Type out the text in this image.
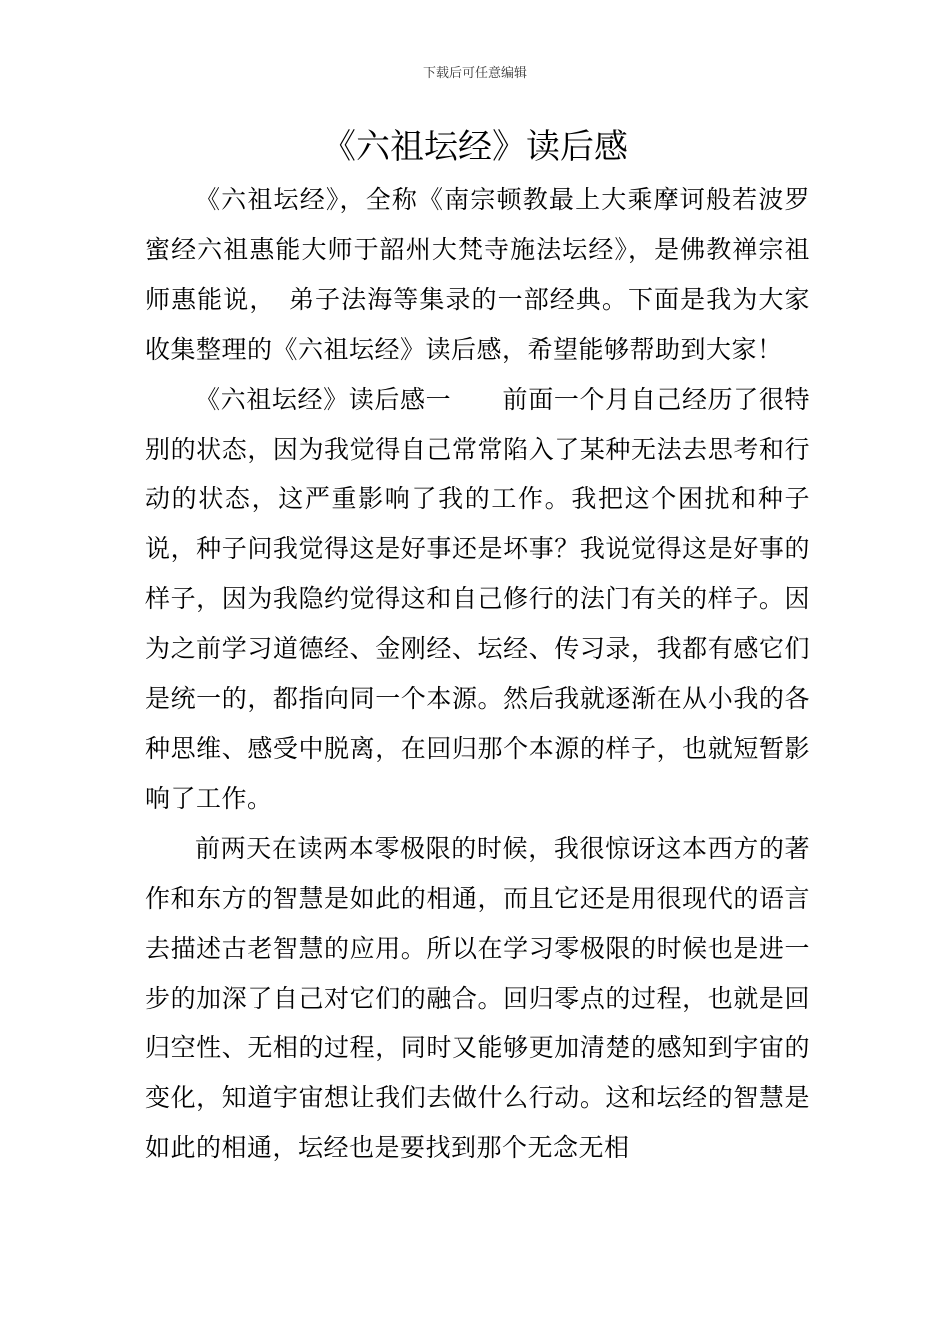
下载后可任意编辑
《六祖坛经》读后感

《六祖坛经》，全称《南宗顿教最上大乘摩诃般若波罗蜜经六祖惠能大师于韶州大梵寺施法坛经》，是佛教禅宗祖师惠能说，　弟子法海等集录的一部经典。下面是我为大家收集整理的《六祖坛经》读后感，希望能够帮助到大家！

《六祖坛经》读后感一　　前面一个月自己经历了很特别的状态，因为我觉得自己常常陷入了某种无法去思考和行动的状态，这严重影响了我的工作。我把这个困扰和种子说，种子问我觉得这是好事还是坏事？我说觉得这是好事的样子，因为我隐约觉得这和自己修行的法门有关的样子。因为之前学习道德经、金刚经、坛经、传习录，我都有感它们是统一的，都指向同一个本源。然后我就逐渐在从小我的各种思维、感受中脱离，在回归那个本源的样子，也就短暂影响了工作。

前两天在读两本零极限的时候，我很惊讶这本西方的著作和东方的智慧是如此的相通，而且它还是用很现代的语言去描述古老智慧的应用。所以在学习零极限的时候也是进一步的加深了自己对它们的融合。回归零点的过程，也就是回归空性、无相的过程，同时又能够更加清楚的感知到宇宙的变化，知道宇宙想让我们去做什么行动。这和坛经的智慧是如此的相通，坛经也是要找到那个无念无相
